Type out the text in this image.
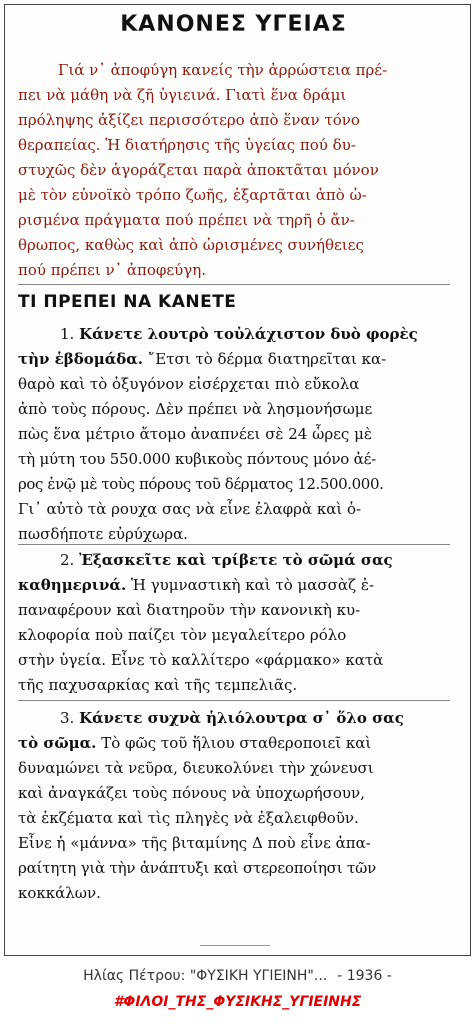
ΚΑΝΟΝΕΣ ΥΓΕΙΑΣ

Γιά ν᾽ ἀποφύγη κανείς τὴν ἀρρώστεια πρέ-

πει νὰ μάθη νὰ ζῆ ὑγιεινά. Γιατὶ ἕνα δράμι

πρόληψης ἀξίζει περισσότερο ἀπὸ ἕναν τόνο

θεραπείας. Ἡ διατήρησις τῆς ὑγείας πού δυ-

στυχῶς δὲν ἀγοράζεται παρὰ ἀποκτᾶται μόνον

μὲ τὸν εὐνοϊκὸ τρόπο ζωῆς, ἐξαρτᾶται ἀπὸ ὡ-

ρισμένα πράγματα πού πρέπει νὰ τηρῆ ὁ ἄν-

θρωπος, καθὼς καὶ ἀπὸ ὡρισμένες συνήθειες

πού πρέπει ν᾽ ἀποφεύγη.

ΤΙ ΠΡΕΠΕΙ ΝΑ ΚΑΝΕΤΕ
1. Κάνετε λουτρὸ τοὐλάχιστον δυὸ φορὲς
τὴν ἑβδομάδα. ῎Ετσι τὸ δέρμα διατηρεῖται κα-
θαρὸ καὶ τὸ ὀξυγόνον εἰσέρχεται πιὸ εὔκολα
ἀπὸ τοὺς πόρους. Δὲν πρέπει νὰ λησμονήσωμε
πὼς ἕνα μέτριο ἄτομο ἀναπνέει σὲ 24 ὧρες μὲ
τὴ μύτη του 550.000 κυβικοὺς πόντους μόνο ἀέ-
ρος ἐνῷ μὲ τοὺς πόρους τοῦ δέρματος 12.500.000.
Γι᾽ αὐτὸ τὰ ρουχα σας νὰ εἶνε ἐλαφρὰ καὶ ὁ-
πωσδήποτε εὐρύχωρα.
2. Ἐξασκεῖτε καὶ τρίβετε τὸ σῶμά σας
καθημερινά. Ἡ γυμναστικὴ καὶ τὸ μασσὰζ ἐ-
παναφέρουν καὶ διατηροῦν τὴν κανονικὴ κυ-
κλοφορία ποὺ παίζει τὸν μεγαλείτερο ρόλο
στὴν ὑγεία. Εἶνε τὸ καλλίτερο «φάρμακο» κατὰ
τῆς παχυσαρκίας καὶ τῆς τεμπελιᾶς.
3. Κάνετε συχνὰ ἡλιόλουτρα σ᾽ ὅλο σας
τὸ σῶμα. Τὸ φῶς τοῦ ἥλιου σταθεροποιεῖ καὶ
δυναμώνει τὰ νεῦρα, διευκολύνει τὴν χώνευσι
καὶ ἀναγκάζει τοὺς πόνους νὰ ὑποχωρήσουν,
τὰ ἐκζέματα καὶ τὶς πληγὲς νὰ ἐξαλειφθοῦν.
Εἶνε ἡ «μάννα» τῆς βιταμίνης Δ ποὺ εἶνε ἀπα-
ραίτητη γιὰ τὴν ἀνάπτυξι καὶ στερεοποίησι τῶν
κοκκάλων.
Ηλίας Πέτρου: "ΦΥΣΙΚΗ ΥΓΙΕΙΝΗ"... - 1936 -
#ΦΙΛΟΙ_ΤΗΣ_ΦΥΣΙΚΗΣ_ΥΓΙΕΙΝΗΣ
